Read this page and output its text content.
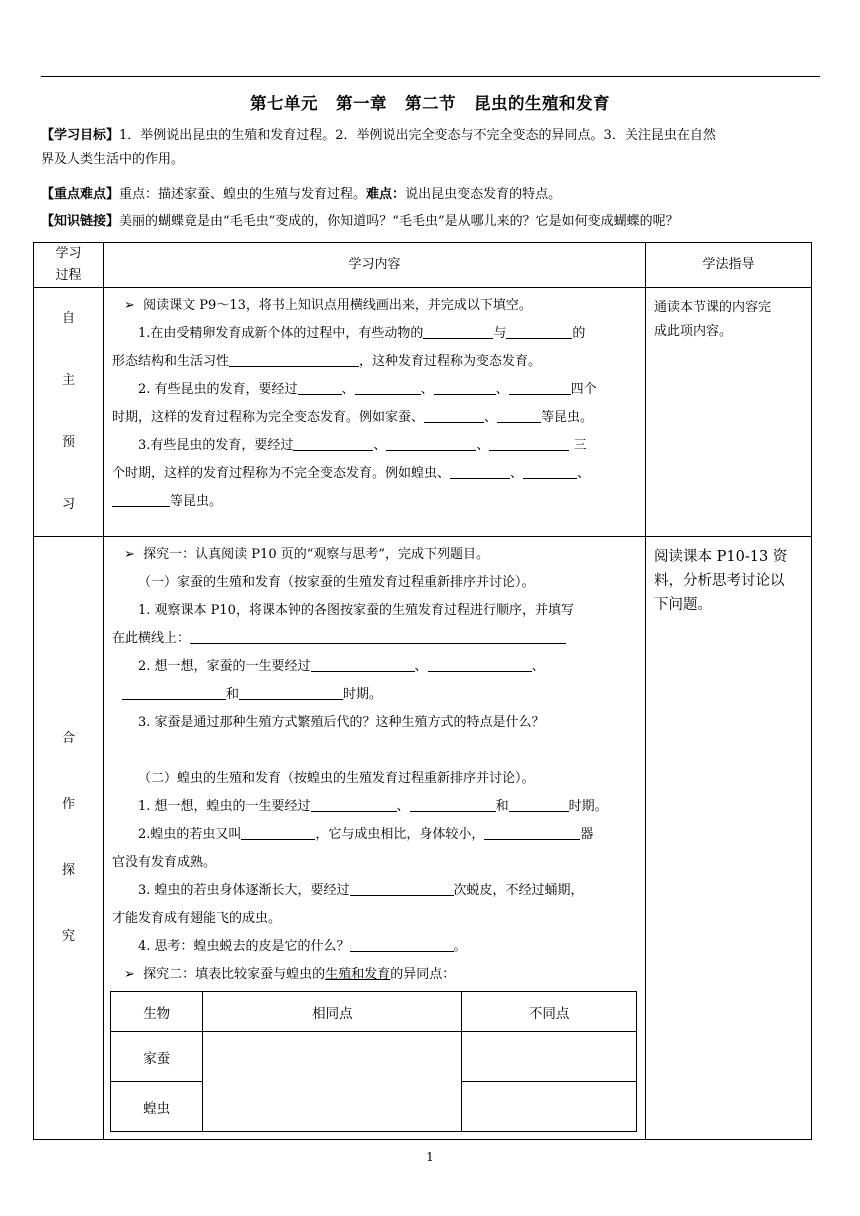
第七单元 第一章 第二节 昆虫的生殖和发育
【学习目标】1．举例说出昆虫的生殖和发育过程。2．举例说出完全变态与不完全变态的异同点。3．关注昆虫在自然
界及人类生活中的作用。
【重点难点】重点：描述家蚕、蝗虫的生殖与发育过程。难点：说出昆虫变态发育的特点。
【知识链接】美丽的蝴蝶竟是由“毛毛虫”变成的，你知道吗？“毛毛虫”是从哪儿来的？它是如何变成蝴蝶的呢？
学习
过程	学习内容	学法指导

自
主
预
习

➢ 阅读课文 P9～13，将书上知识点用横线画出来，并完成以下填空。
1.在由受精卵发育成新个体的过程中，有些动物的	与	的
形态结构和生活习性	，这种发育过程称为变态发育。
2. 有些昆虫的发育，要经过	、	、	、	四个
时期，这样的发育过程称为完全变态发育。例如家蚕、	、	等昆虫。
3.有些昆虫的发育，要经过	、	、	三
个时期，这样的发育过程称为不完全变态发育。例如蝗虫、	、	、
等昆虫。

通读本节课的内容完
成此项内容。

合
作
探
究

➢ 探究一：认真阅读 P10 页的“观察与思考”，完成下列题目。
（一）家蚕的生殖和发育（按家蚕的生殖发育过程重新排序并讨论）。
1. 观察课本 P10，将课本钟的各图按家蚕的生殖发育过程进行顺序，并填写
在此横线上：
2. 想一想，家蚕的一生要经过	、	、
和	时期。
3. 家蚕是通过那种生殖方式繁殖后代的？这种生殖方式的特点是什么？

（二）蝗虫的生殖和发育（按蝗虫的生殖发育过程重新排序并讨论）。
1. 想一想，蝗虫的一生要经过	、	和	时期。
2.蝗虫的若虫又叫	，它与成虫相比，身体较小，	器
官没有发育成熟。
3. 蝗虫的若虫身体逐渐长大，要经过	次蜕皮，不经过蛹期，
才能发育成有翅能飞的成虫。
4. 思考：蝗虫蜕去的皮是它的什么？	。
➢ 探究二：填表比较家蚕与蝗虫的生殖和发育的异同点：
生物	相同点	不同点
家蚕		
蝗虫	

阅读课本 P10-13 资
料，分析思考讨论以
下问题。
1
